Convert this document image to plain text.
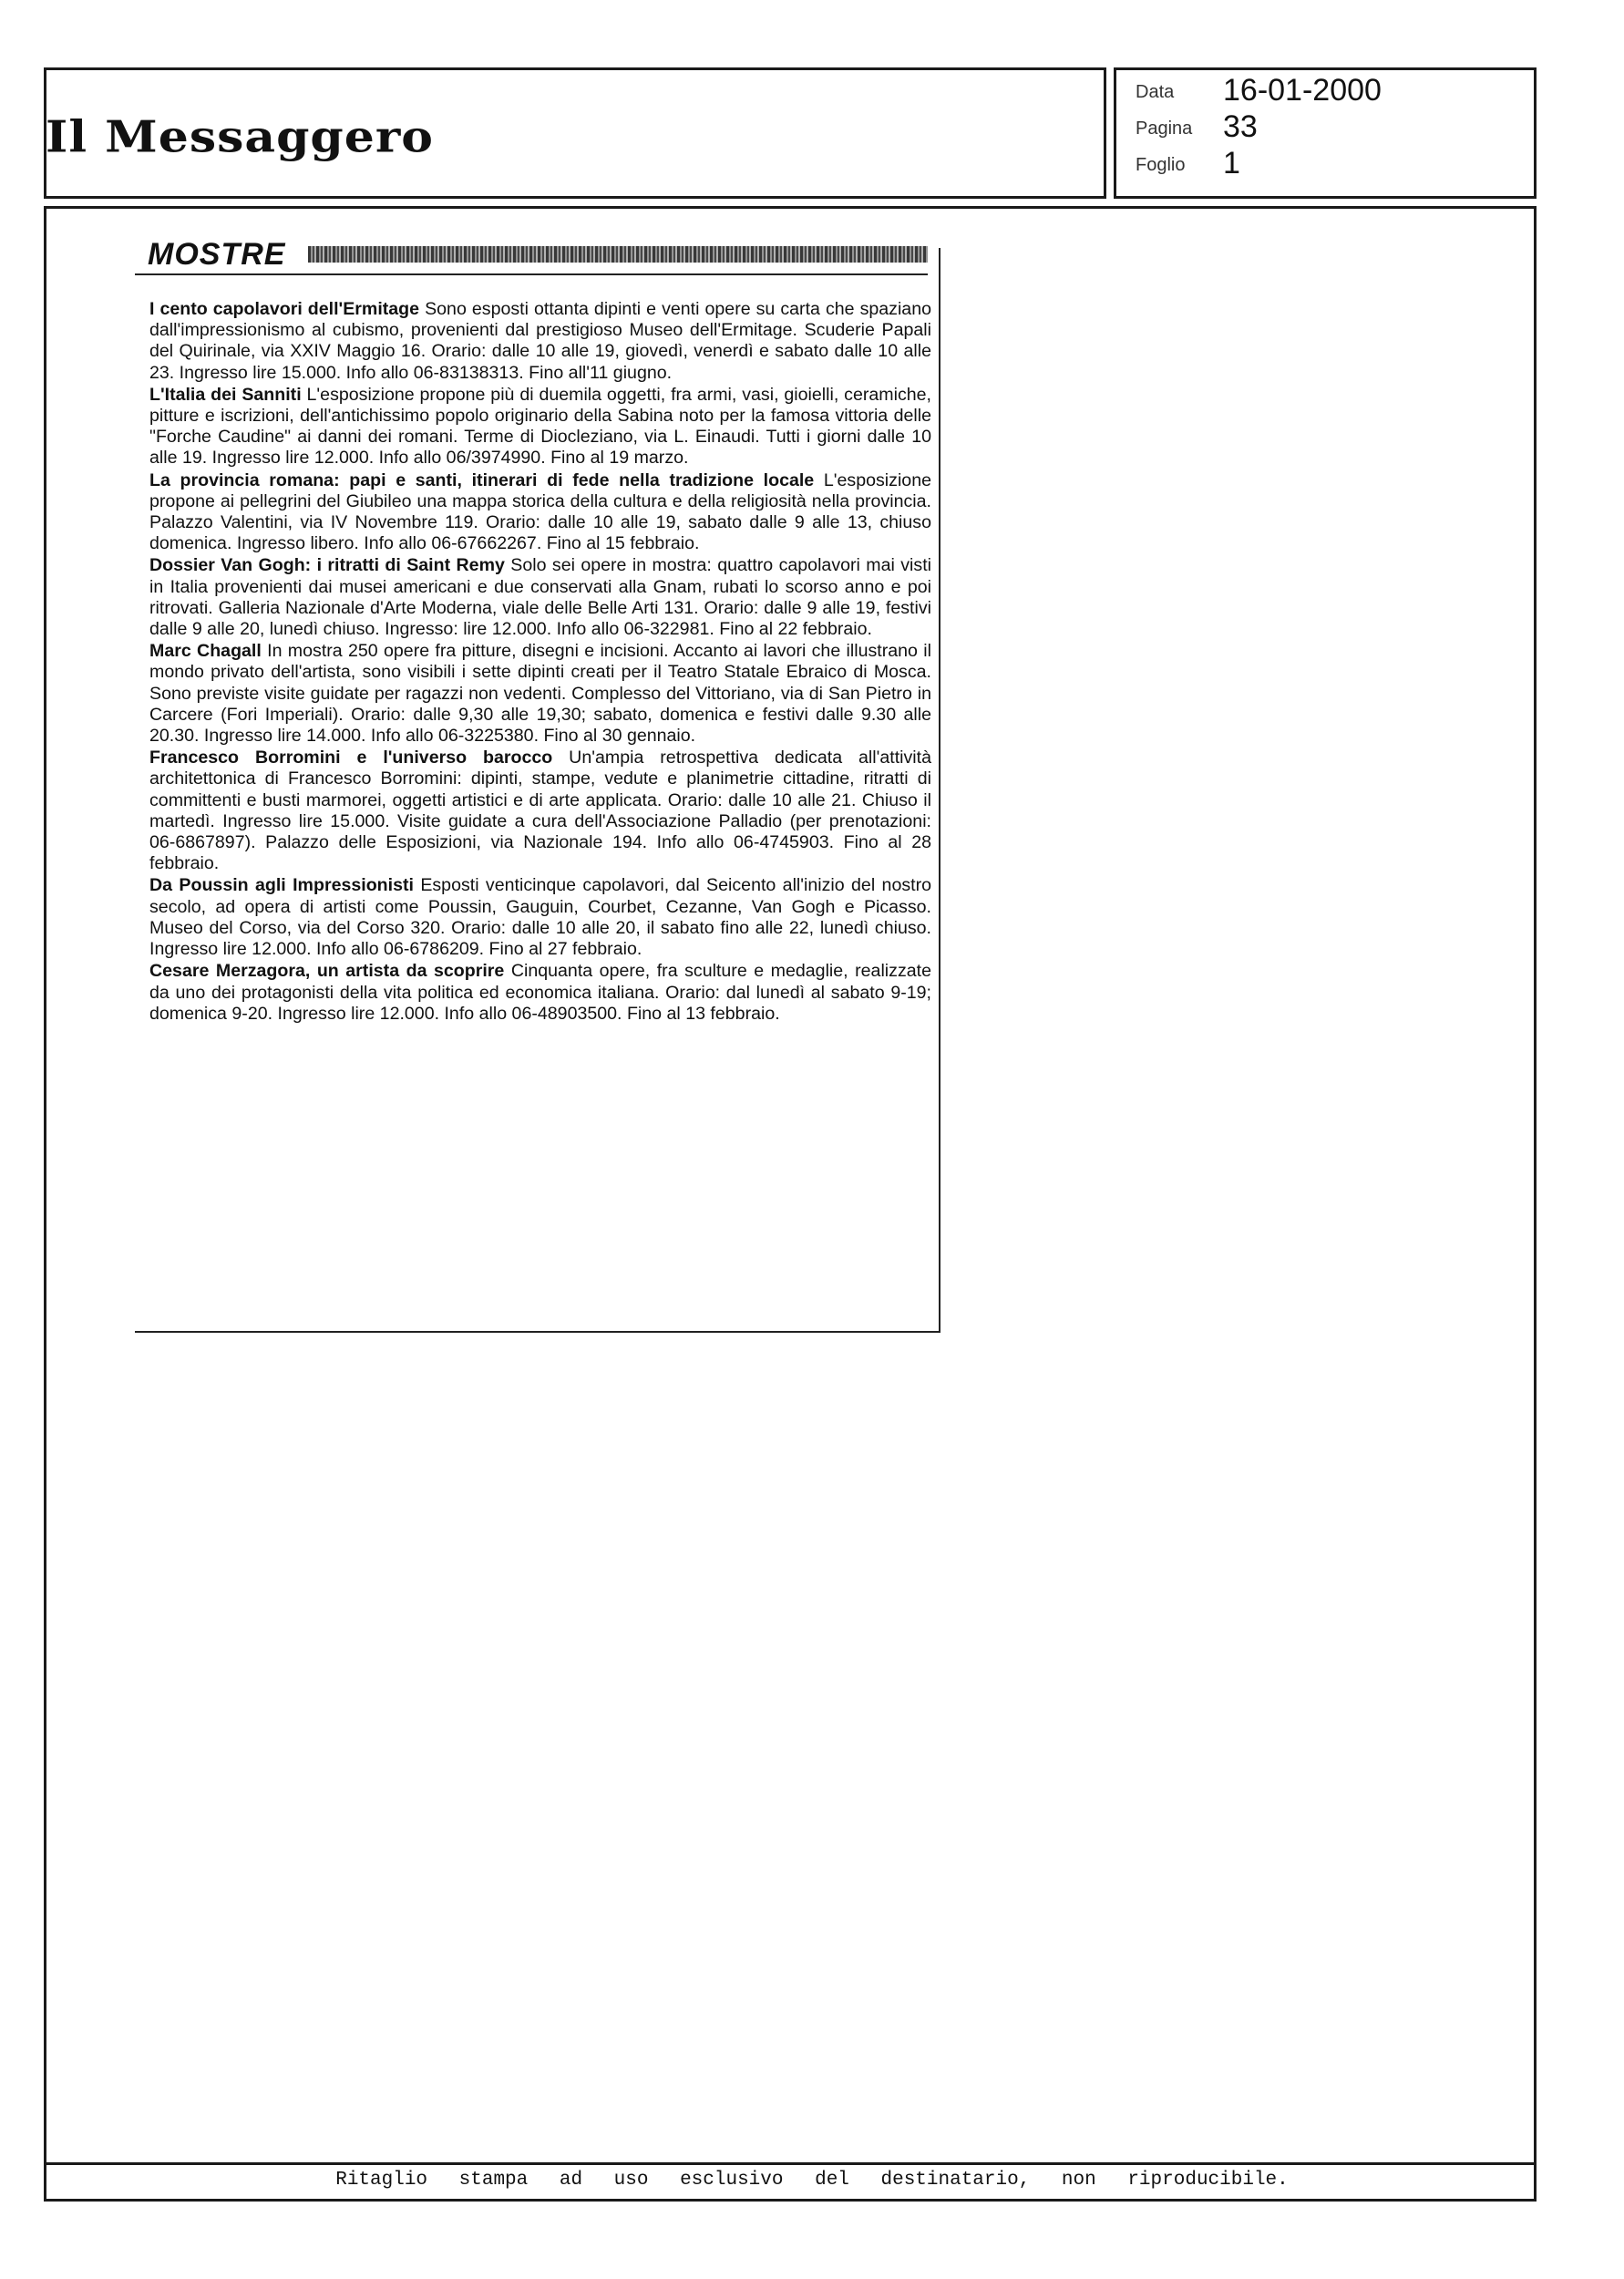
Il Messaggero
Data 16-01-2000
Pagina 33
Foglio 1
MOSTRE

I cento capolavori dell'Ermitage Sono esposti ottanta dipinti e venti opere su carta che spaziano dall'impressionismo al cubismo, provenienti dal prestigioso Museo dell'Ermitage. Scuderie Papali del Quirinale, via XXIV Maggio 16. Orario: dalle 10 alle 19, giovedì, venerdì e sabato dalle 10 alle 23. Ingresso lire 15.000. Info allo 06-83138313. Fino all'11 giugno.

L'Italia dei Sanniti L'esposizione propone più di duemila oggetti, fra armi, vasi, gioielli, ceramiche, pitture e iscrizioni, dell'antichissimo popolo originario della Sabina noto per la famosa vittoria delle "Forche Caudine" ai danni dei romani. Terme di Diocleziano, via L. Einaudi. Tutti i giorni dalle 10 alle 19. Ingresso lire 12.000. Info allo 06/3974990. Fino al 19 marzo.

La provincia romana: papi e santi, itinerari di fede nella tradizione locale L'esposizione propone ai pellegrini del Giubileo una mappa storica della cultura e della religiosità nella provincia. Palazzo Valentini, via IV Novembre 119. Orario: dalle 10 alle 19, sabato dalle 9 alle 13, chiuso domenica. Ingresso libero. Info allo 06-67662267. Fino al 15 febbraio.

Dossier Van Gogh: i ritratti di Saint Remy Solo sei opere in mostra: quattro capolavori mai visti in Italia provenienti dai musei americani e due conservati alla Gnam, rubati lo scorso anno e poi ritrovati. Galleria Nazionale d'Arte Moderna, viale delle Belle Arti 131. Orario: dalle 9 alle 19, festivi dalle 9 alle 20, lunedì chiuso. Ingresso: lire 12.000. Info allo 06-322981. Fino al 22 febbraio.

Marc Chagall In mostra 250 opere fra pitture, disegni e incisioni. Accanto ai lavori che illustrano il mondo privato dell'artista, sono visibili i sette dipinti creati per il Teatro Statale Ebraico di Mosca. Sono previste visite guidate per ragazzi non vedenti. Complesso del Vittoriano, via di San Pietro in Carcere (Fori Imperiali). Orario: dalle 9,30 alle 19,30; sabato, domenica e festivi dalle 9.30 alle 20.30. Ingresso lire 14.000. Info allo 06-3225380. Fino al 30 gennaio.

Francesco Borromini e l'universo barocco Un'ampia retrospettiva dedicata all'attività architettonica di Francesco Borromini: dipinti, stampe, vedute e planimetrie cittadine, ritratti di committenti e busti marmorei, oggetti artistici e di arte applicata. Orario: dalle 10 alle 21. Chiuso il martedì. Ingresso lire 15.000. Visite guidate a cura dell'Associazione Palladio (per prenotazioni: 06-6867897). Palazzo delle Esposizioni, via Nazionale 194. Info allo 06-4745903. Fino al 28 febbraio.

Da Poussin agli Impressionisti Esposti venticinque capolavori, dal Seicento all'inizio del nostro secolo, ad opera di artisti come Poussin, Gauguin, Courbet, Cezanne, Van Gogh e Picasso. Museo del Corso, via del Corso 320. Orario: dalle 10 alle 20, il sabato fino alle 22, lunedì chiuso. Ingresso lire 12.000. Info allo 06-6786209. Fino al 27 febbraio.

Cesare Merzagora, un artista da scoprire Cinquanta opere, fra sculture e medaglie, realizzate da uno dei protagonisti della vita politica ed economica italiana. Orario: dal lunedì al sabato 9-19; domenica 9-20. Ingresso lire 12.000. Info allo 06-48903500. Fino al 13 febbraio.

Ritaglio stampa ad uso esclusivo del destinatario, non riproducibile.
